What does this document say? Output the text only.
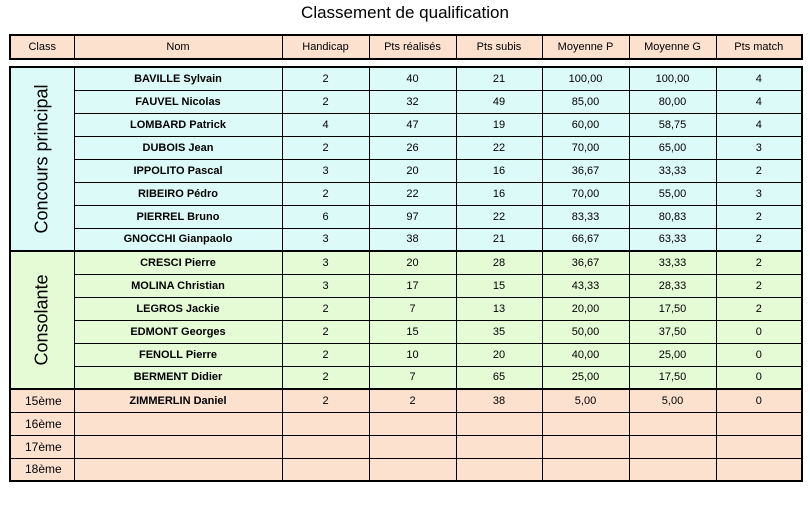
Classement de qualification
Class	Nom	Handicap	Pts réalisés	Pts subis	Moyenne P	Moyenne G	Pts match
Concours principal	BAVILLE Sylvain	2	40	21	100,00	100,00	4
	FAUVEL Nicolas	2	32	49	85,00	80,00	4
	LOMBARD Patrick	4	47	19	60,00	58,75	4
	DUBOIS Jean	2	26	22	70,00	65,00	3
	IPPOLITO Pascal	3	20	16	36,67	33,33	2
	RIBEIRO Pédro	2	22	16	70,00	55,00	3
	PIERREL Bruno	6	97	22	83,33	80,83	2
	GNOCCHI Gianpaolo	3	38	21	66,67	63,33	2

Consolante	CRESCI Pierre	3	20	28	36,67	33,33	2
	MOLINA Christian	3	17	15	43,33	28,33	2
	LEGROS Jackie	2	7	13	20,00	17,50	2
	EDMONT Georges	2	15	35	50,00	37,50	0
	FENOLL Pierre	2	10	20	40,00	25,00	0
	BERMENT Didier	2	7	65	25,00	17,50	0
15ème	ZIMMERLIN Daniel	2	2	38	5,00	5,00	0
16ème							
17ème							
18ème							
